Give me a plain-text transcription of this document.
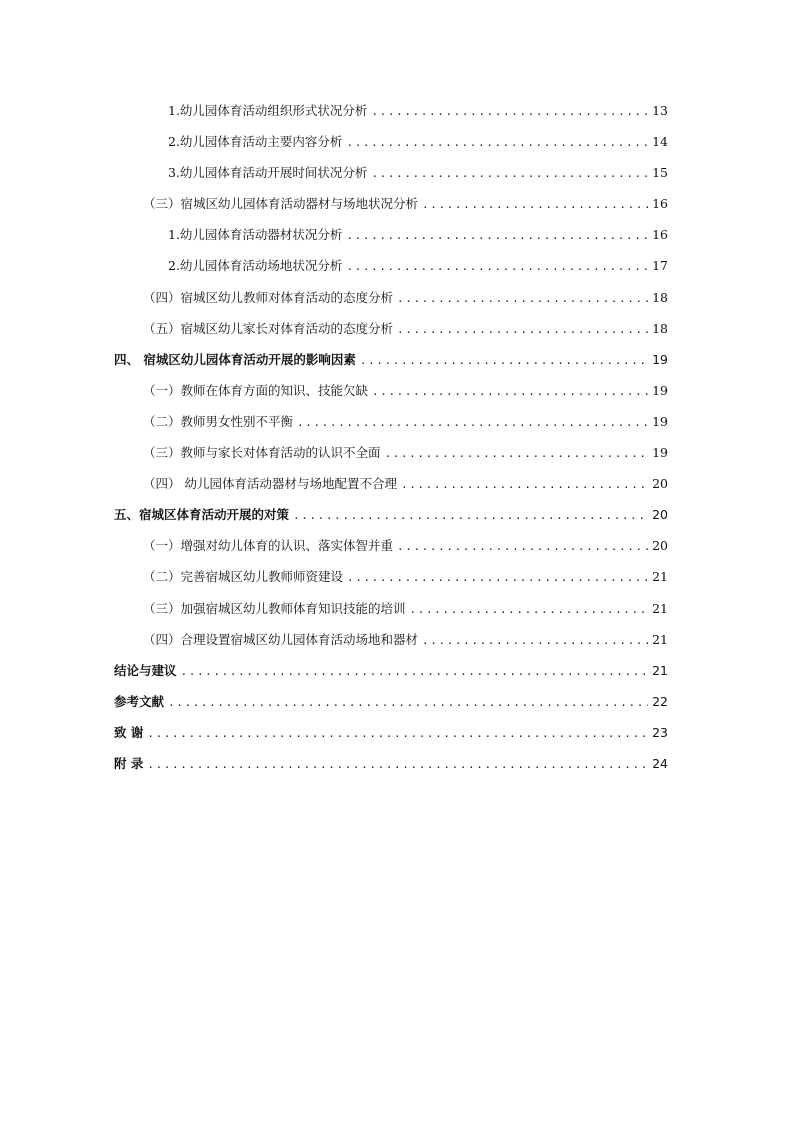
1.幼儿园体育活动组织形式状况分析 .....	13
2.幼儿园体育活动主要内容分析 .....	14
3.幼儿园体育活动开展时间状况分析 .....	15
（三）宿城区幼儿园体育活动器材与场地状况分析 .....	16
1.幼儿园体育活动器材状况分析 .....	16
2.幼儿园体育活动场地状况分析 .....	17
（四）宿城区幼儿教师对体育活动的态度分析 .....	18
（五）宿城区幼儿家长对体育活动的态度分析 .....	18
四、 宿城区幼儿园体育活动开展的影响因素 .....	19
（一）教师在体育方面的知识、技能欠缺 .....	19
（二）教师男女性别不平衡 .....	19
（三）教师与家长对体育活动的认识不全面 .....	19
（四） 幼儿园体育活动器材与场地配置不合理 .....	20
五、宿城区体育活动开展的对策 .....	20
（一）增强对幼儿体育的认识、落实体智并重 .....	20
（二）完善宿城区幼儿教师师资建设 .....	21
（三）加强宿城区幼儿教师体育知识技能的培训 .....	21
（四）合理设置宿城区幼儿园体育活动场地和器材 .....	21
结论与建议 .....	21
参考文献 .....	22
致 谢 .....	23
附 录 .....	24
